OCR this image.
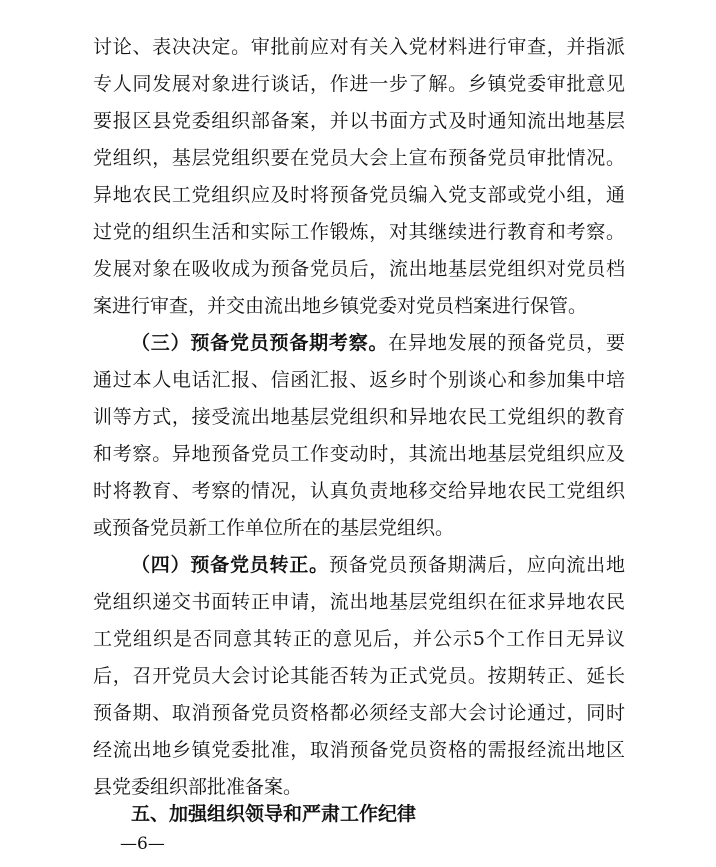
讨论、表决决定。审批前应对有关入党材料进行审查，并指派
专人同发展对象进行谈话，作进一步了解。乡镇党委审批意见
要报区县党委组织部备案，并以书面方式及时通知流出地基层
党组织，基层党组织要在党员大会上宣布预备党员审批情况。
异地农民工党组织应及时将预备党员编入党支部或党小组，通
过党的组织生活和实际工作锻炼，对其继续进行教育和考察。
发展对象在吸收成为预备党员后，流出地基层党组织对党员档
案进行审查，并交由流出地乡镇党委对党员档案进行保管。
（三）预备党员预备期考察。在异地发展的预备党员，要
通过本人电话汇报、信函汇报、返乡时个别谈心和参加集中培
训等方式，接受流出地基层党组织和异地农民工党组织的教育
和考察。异地预备党员工作变动时，其流出地基层党组织应及
时将教育、考察的情况，认真负责地移交给异地农民工党组织
或预备党员新工作单位所在的基层党组织。
（四）预备党员转正。预备党员预备期满后，应向流出地
党组织递交书面转正申请，流出地基层党组织在征求异地农民
工党组织是否同意其转正的意见后，并公示5个工作日无异议
后，召开党员大会讨论其能否转为正式党员。按期转正、延长
预备期、取消预备党员资格都必须经支部大会讨论通过，同时
经流出地乡镇党委批准，取消预备党员资格的需报经流出地区
县党委组织部批准备案。
五、加强组织领导和严肃工作纪律
—6—
